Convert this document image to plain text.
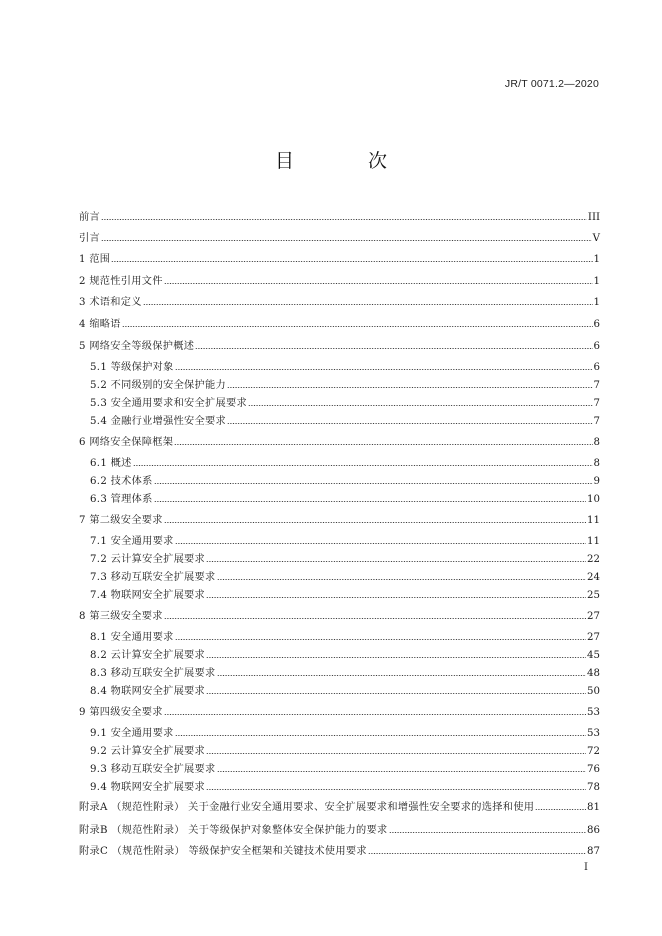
JR/T 0071.2—2020
目 次
前言	III
引言	V
1 范围	1
2 规范性引用文件	1
3 术语和定义	1
4 缩略语	6
5 网络安全等级保护概述	6
5.1 等级保护对象	6
5.2 不同级别的安全保护能力	7
5.3 安全通用要求和安全扩展要求	7
5.4 金融行业增强性安全要求	7
6 网络安全保障框架	8
6.1 概述	8
6.2 技术体系	9
6.3 管理体系	10
7 第二级安全要求	11
7.1 安全通用要求	11
7.2 云计算安全扩展要求	22
7.3 移动互联安全扩展要求	24
7.4 物联网安全扩展要求	25
8 第三级安全要求	27
8.1 安全通用要求	27
8.2 云计算安全扩展要求	45
8.3 移动互联安全扩展要求	48
8.4 物联网安全扩展要求	50
9 第四级安全要求	53
9.1 安全通用要求	53
9.2 云计算安全扩展要求	72
9.3 移动互联安全扩展要求	76
9.4 物联网安全扩展要求	78
附录A （规范性附录） 关于金融行业安全通用要求、安全扩展要求和增强性安全要求的选择和使用	81
附录B （规范性附录） 关于等级保护对象整体安全保护能力的要求	86
附录C （规范性附录） 等级保护安全框架和关键技术使用要求	87
I
